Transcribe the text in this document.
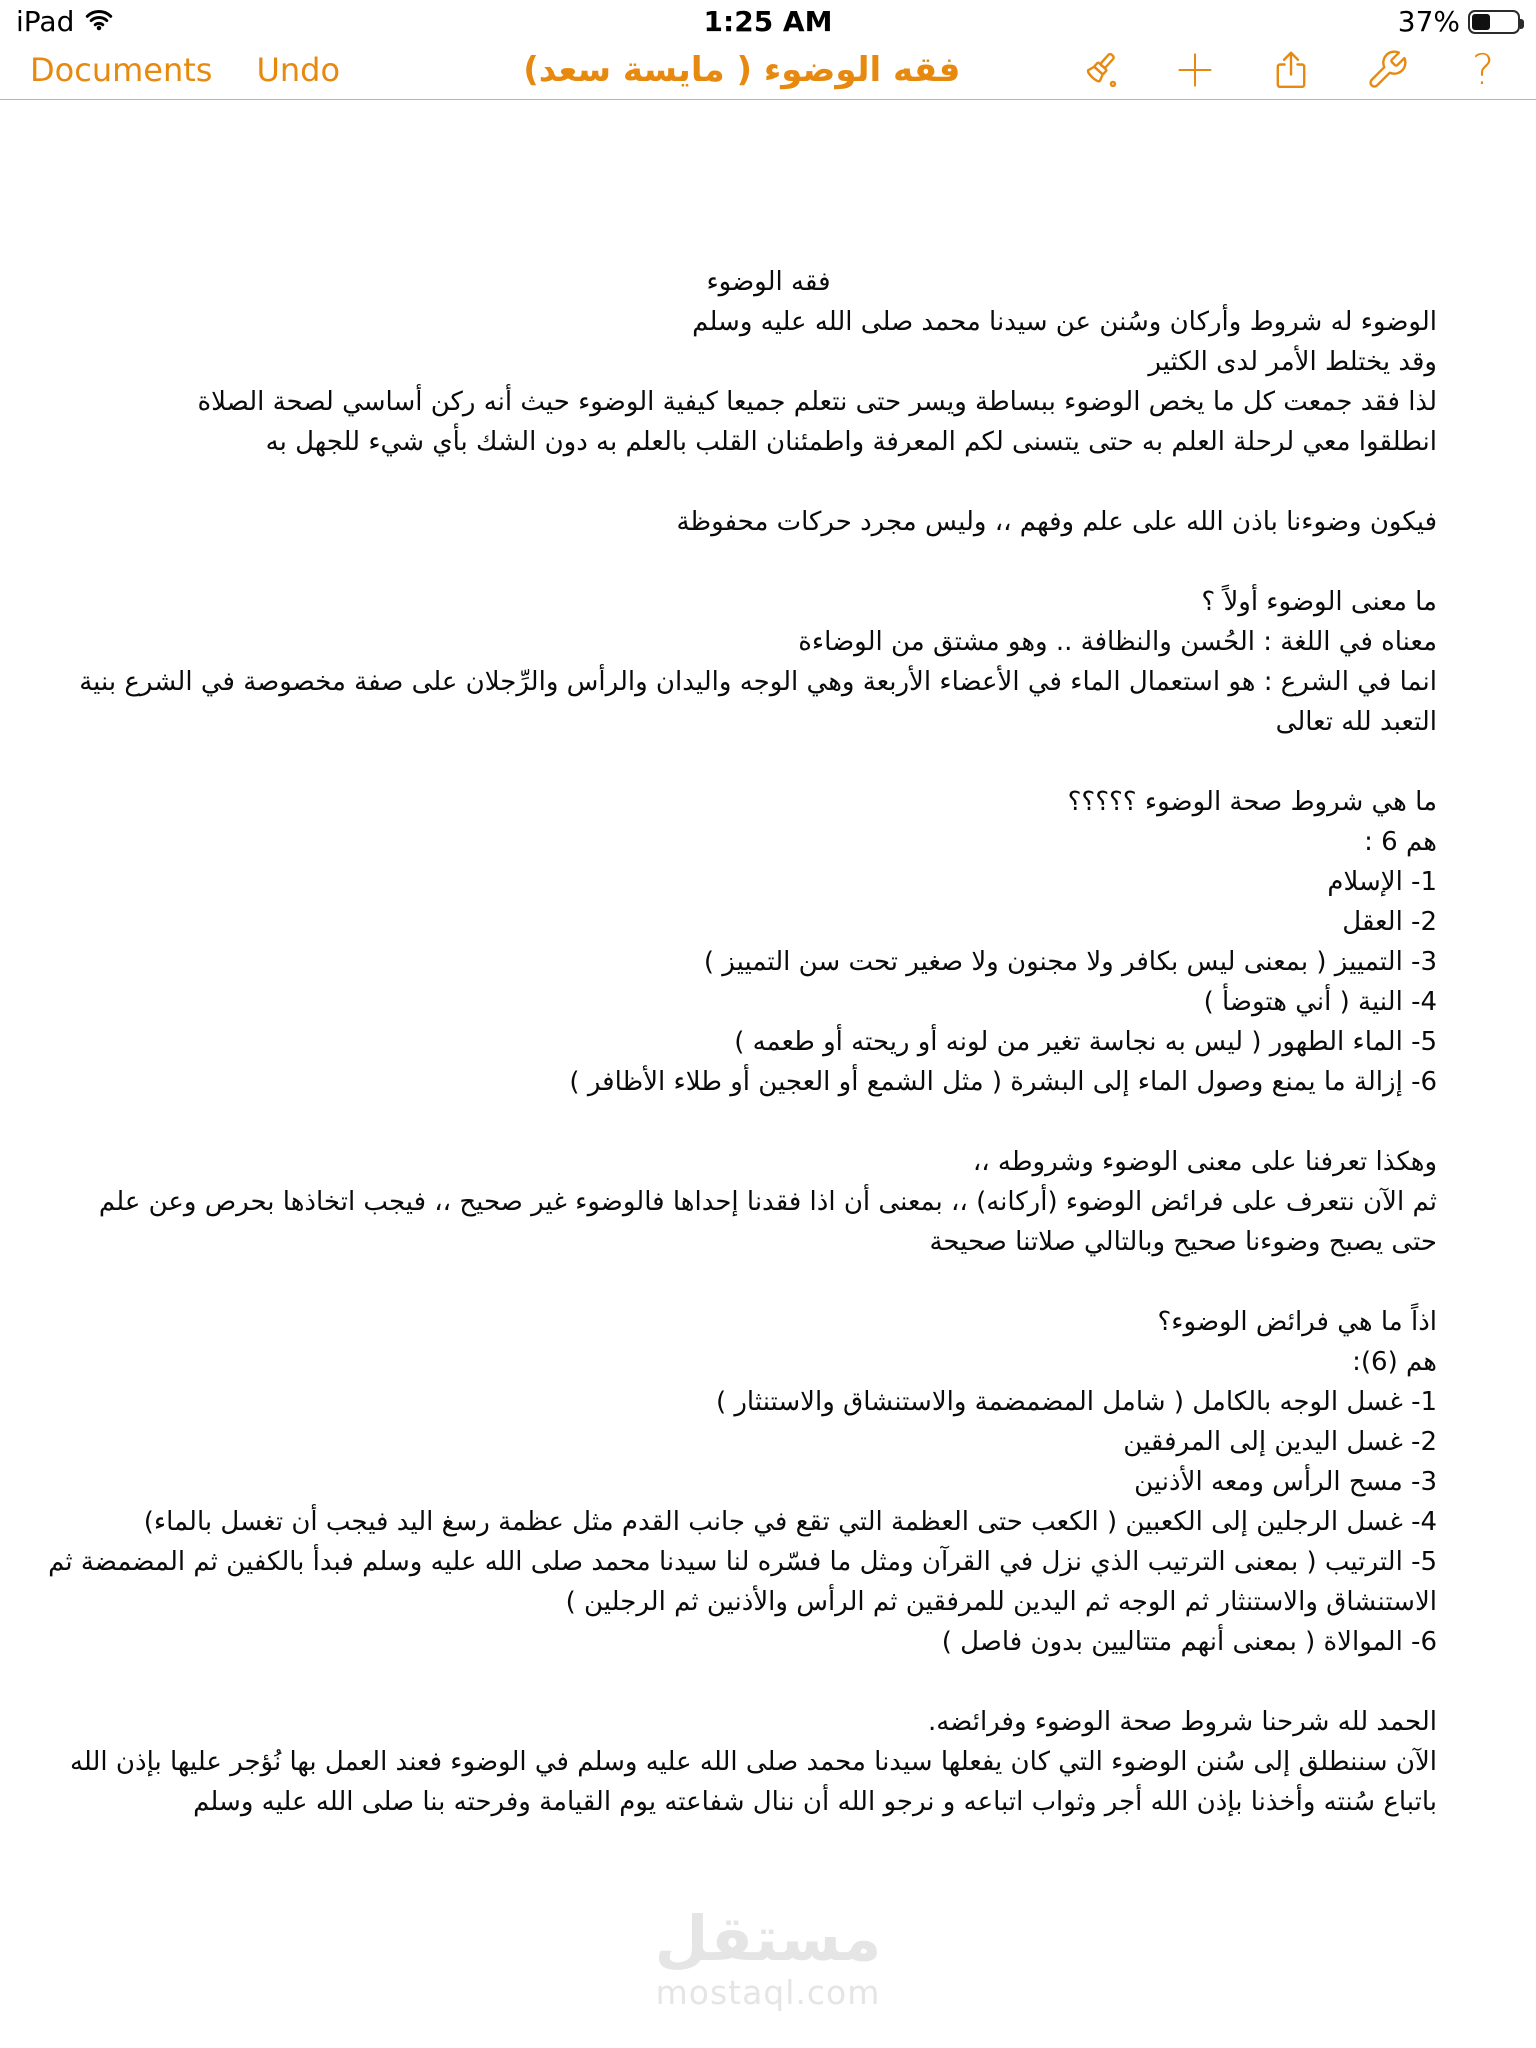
iPad	1:25 AM	37%
Documents Undo	فقه الوضوء ( مايسة سعد)	?
فقه الوضوء
الوضوء له شروط وأركان وسُنن عن سيدنا محمد صلى الله عليه وسلم
وقد يختلط الأمر لدى الكثير
لذا فقد جمعت كل ما يخص الوضوء ببساطة ويسر حتى نتعلم جميعا كيفية الوضوء حيث أنه ركن أساسي لصحة الصلاة
انطلقوا معي لرحلة العلم به حتى يتسنى لكم المعرفة واطمئنان القلب بالعلم به دون الشك بأي شيء للجهل به
فيكون وضوءنا باذن الله على علم وفهم ،، وليس مجرد حركات محفوظة
ما معنى الوضوء أولاً ؟
معناه في اللغة : الحُسن والنظافة .. وهو مشتق من الوضاءة
انما في الشرع : هو استعمال الماء في الأعضاء الأربعة وهي الوجه واليدان والرأس والرِّجلان على صفة مخصوصة في الشرع بنية
التعبد لله تعالى
ما هي شروط صحة الوضوء ؟؟؟؟؟
هم 6 :
1- الإسلام
2- العقل
3- التمييز ( بمعنى ليس بكافر ولا مجنون ولا صغير تحت سن التمييز )
4- النية ( أني هتوضأ )
5- الماء الطهور ( ليس به نجاسة تغير من لونه أو ريحته أو طعمه )
6- إزالة ما يمنع وصول الماء إلى البشرة ( مثل الشمع أو العجين أو طلاء الأظافر )
وهكذا تعرفنا على معنى الوضوء وشروطه ،،
ثم الآن نتعرف على فرائض الوضوء (أركانه) ،، بمعنى أن اذا فقدنا إحداها فالوضوء غير صحيح ،، فيجب اتخاذها بحرص وعن علم
حتى يصبح وضوءنا صحيح وبالتالي صلاتنا صحيحة
اذاً ما هي فرائض الوضوء؟
هم (6):
1- غسل الوجه بالكامل ( شامل المضمضمة والاستنشاق والاستنثار )
2- غسل اليدين إلى المرفقين
3- مسح الرأس ومعه الأذنين
4- غسل الرجلين إلى الكعبين ( الكعب حتى العظمة التي تقع في جانب القدم مثل عظمة رسغ اليد فيجب أن تغسل بالماء)
5- الترتيب ( بمعنى الترتيب الذي نزل في القرآن ومثل ما فسّره لنا سيدنا محمد صلى الله عليه وسلم فبدأ بالكفين ثم المضمضة ثم
الاستنشاق والاستنثار ثم الوجه ثم اليدين للمرفقين ثم الرأس والأذنين ثم الرجلين )
6- الموالاة ( بمعنى أنهم متتاليين بدون فاصل )
الحمد لله شرحنا شروط صحة الوضوء وفرائضه.
الآن سننطلق إلى سُنن الوضوء التي كان يفعلها سيدنا محمد صلى الله عليه وسلم في الوضوء فعند العمل بها نُؤجر عليها بإذن الله
باتباع سُنته وأخذنا بإذن الله أجر وثواب اتباعه و نرجو الله أن ننال شفاعته يوم القيامة وفرحته بنا صلى الله عليه وسلم
مستقل
mostaql.com
